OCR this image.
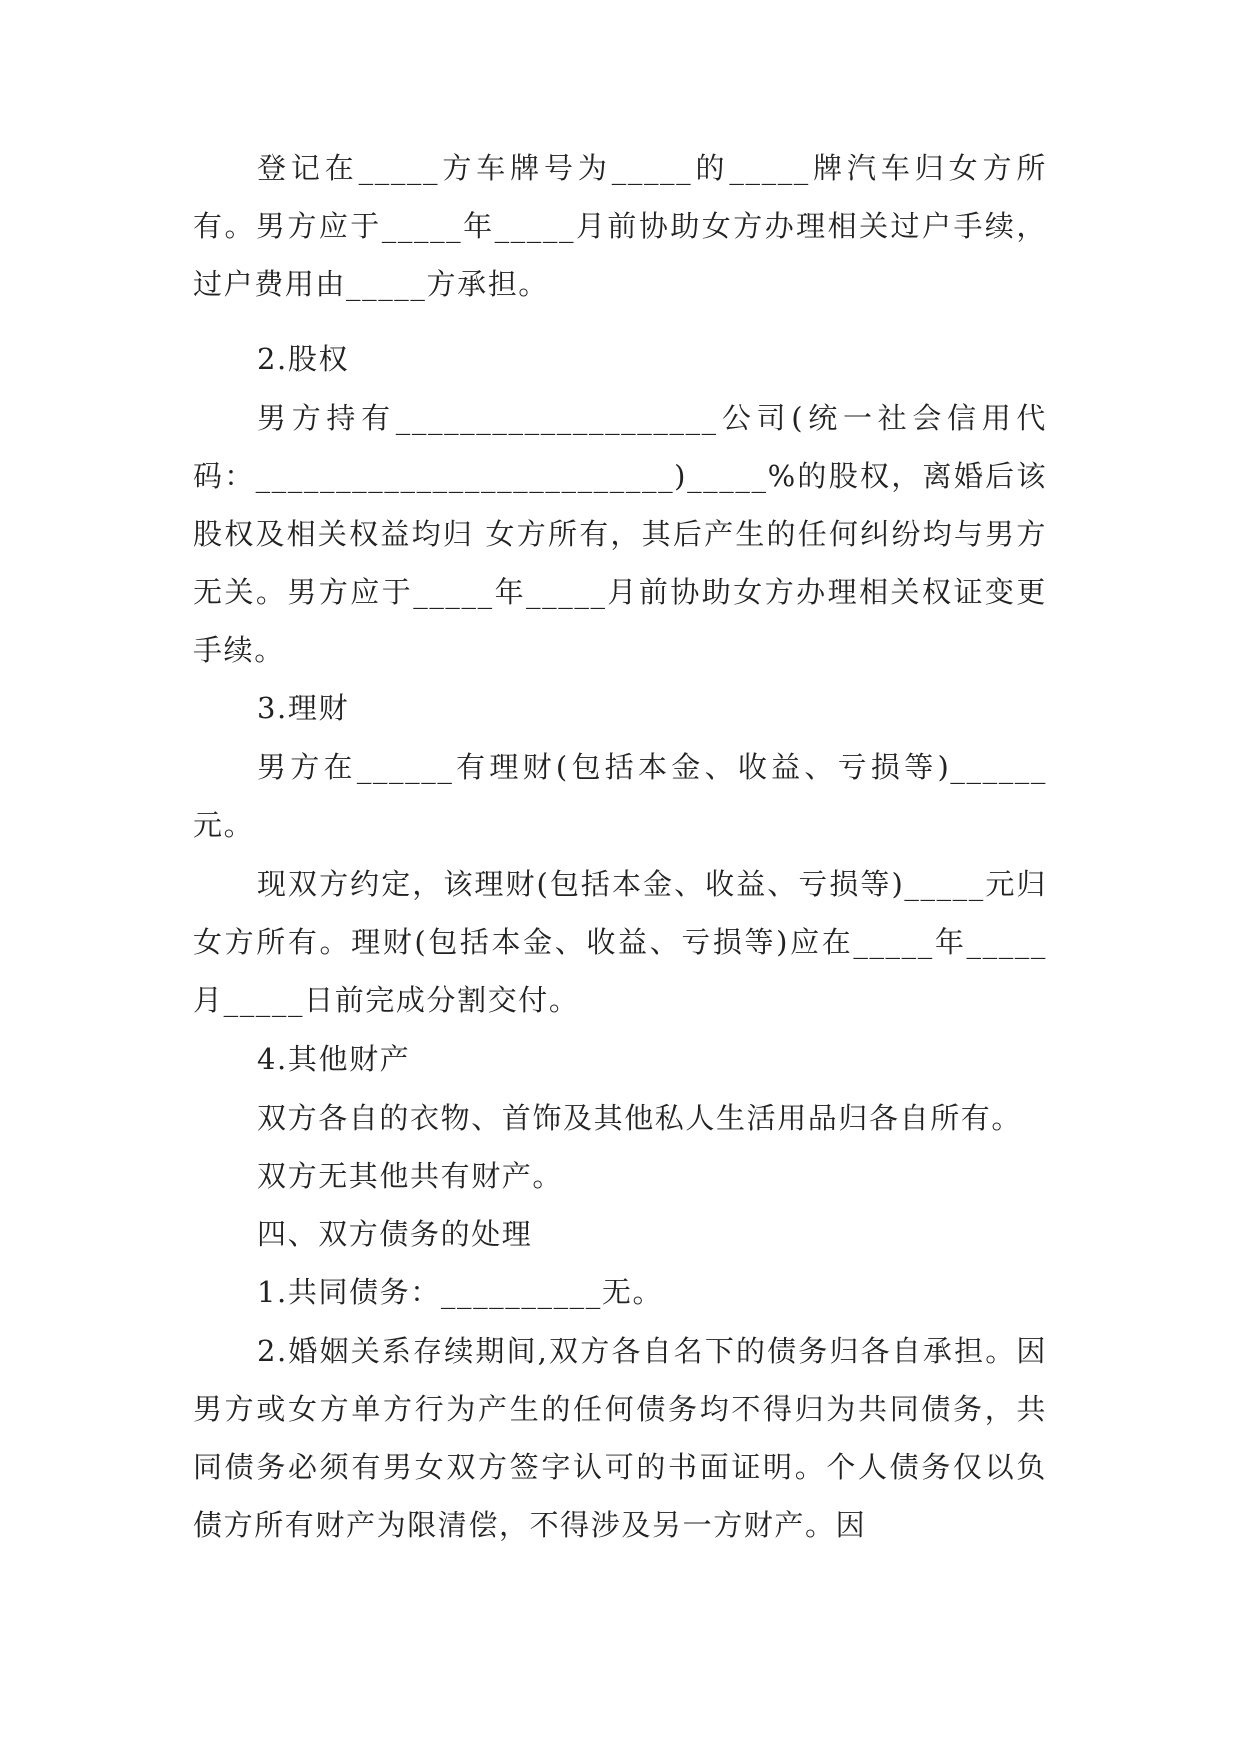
登记在_____方车牌号为_____的_____牌汽车归女方所有。男方应于_____年_____月前协助女方办理相关过户手续，过户费用由_____方承担。

2.股权

男方持有____________________公司(统一社会信用代码：__________________________)_____%的股权，离婚后该股权及相关权益均归 女方所有，其后产生的任何纠纷均与男方无关。男方应于_____年_____月前协助女方办理相关权证变更手续。

3.理财

男方在______有理财(包括本金、收益、亏损等)______元。

现双方约定，该理财(包括本金、收益、亏损等)_____元归女方所有。理财(包括本金、收益、亏损等)应在_____年_____月_____日前完成分割交付。

4.其他财产

双方各自的衣物、首饰及其他私人生活用品归各自所有。

双方无其他共有财产。

四、双方债务的处理

1.共同债务：__________无。

2.婚姻关系存续期间,双方各自名下的债务归各自承担。因男方或女方单方行为产生的任何债务均不得归为共同债务，共同债务必须有男女双方签字认可的书面证明。个人债务仅以负债方所有财产为限清偿，不得涉及另一方财产。因
